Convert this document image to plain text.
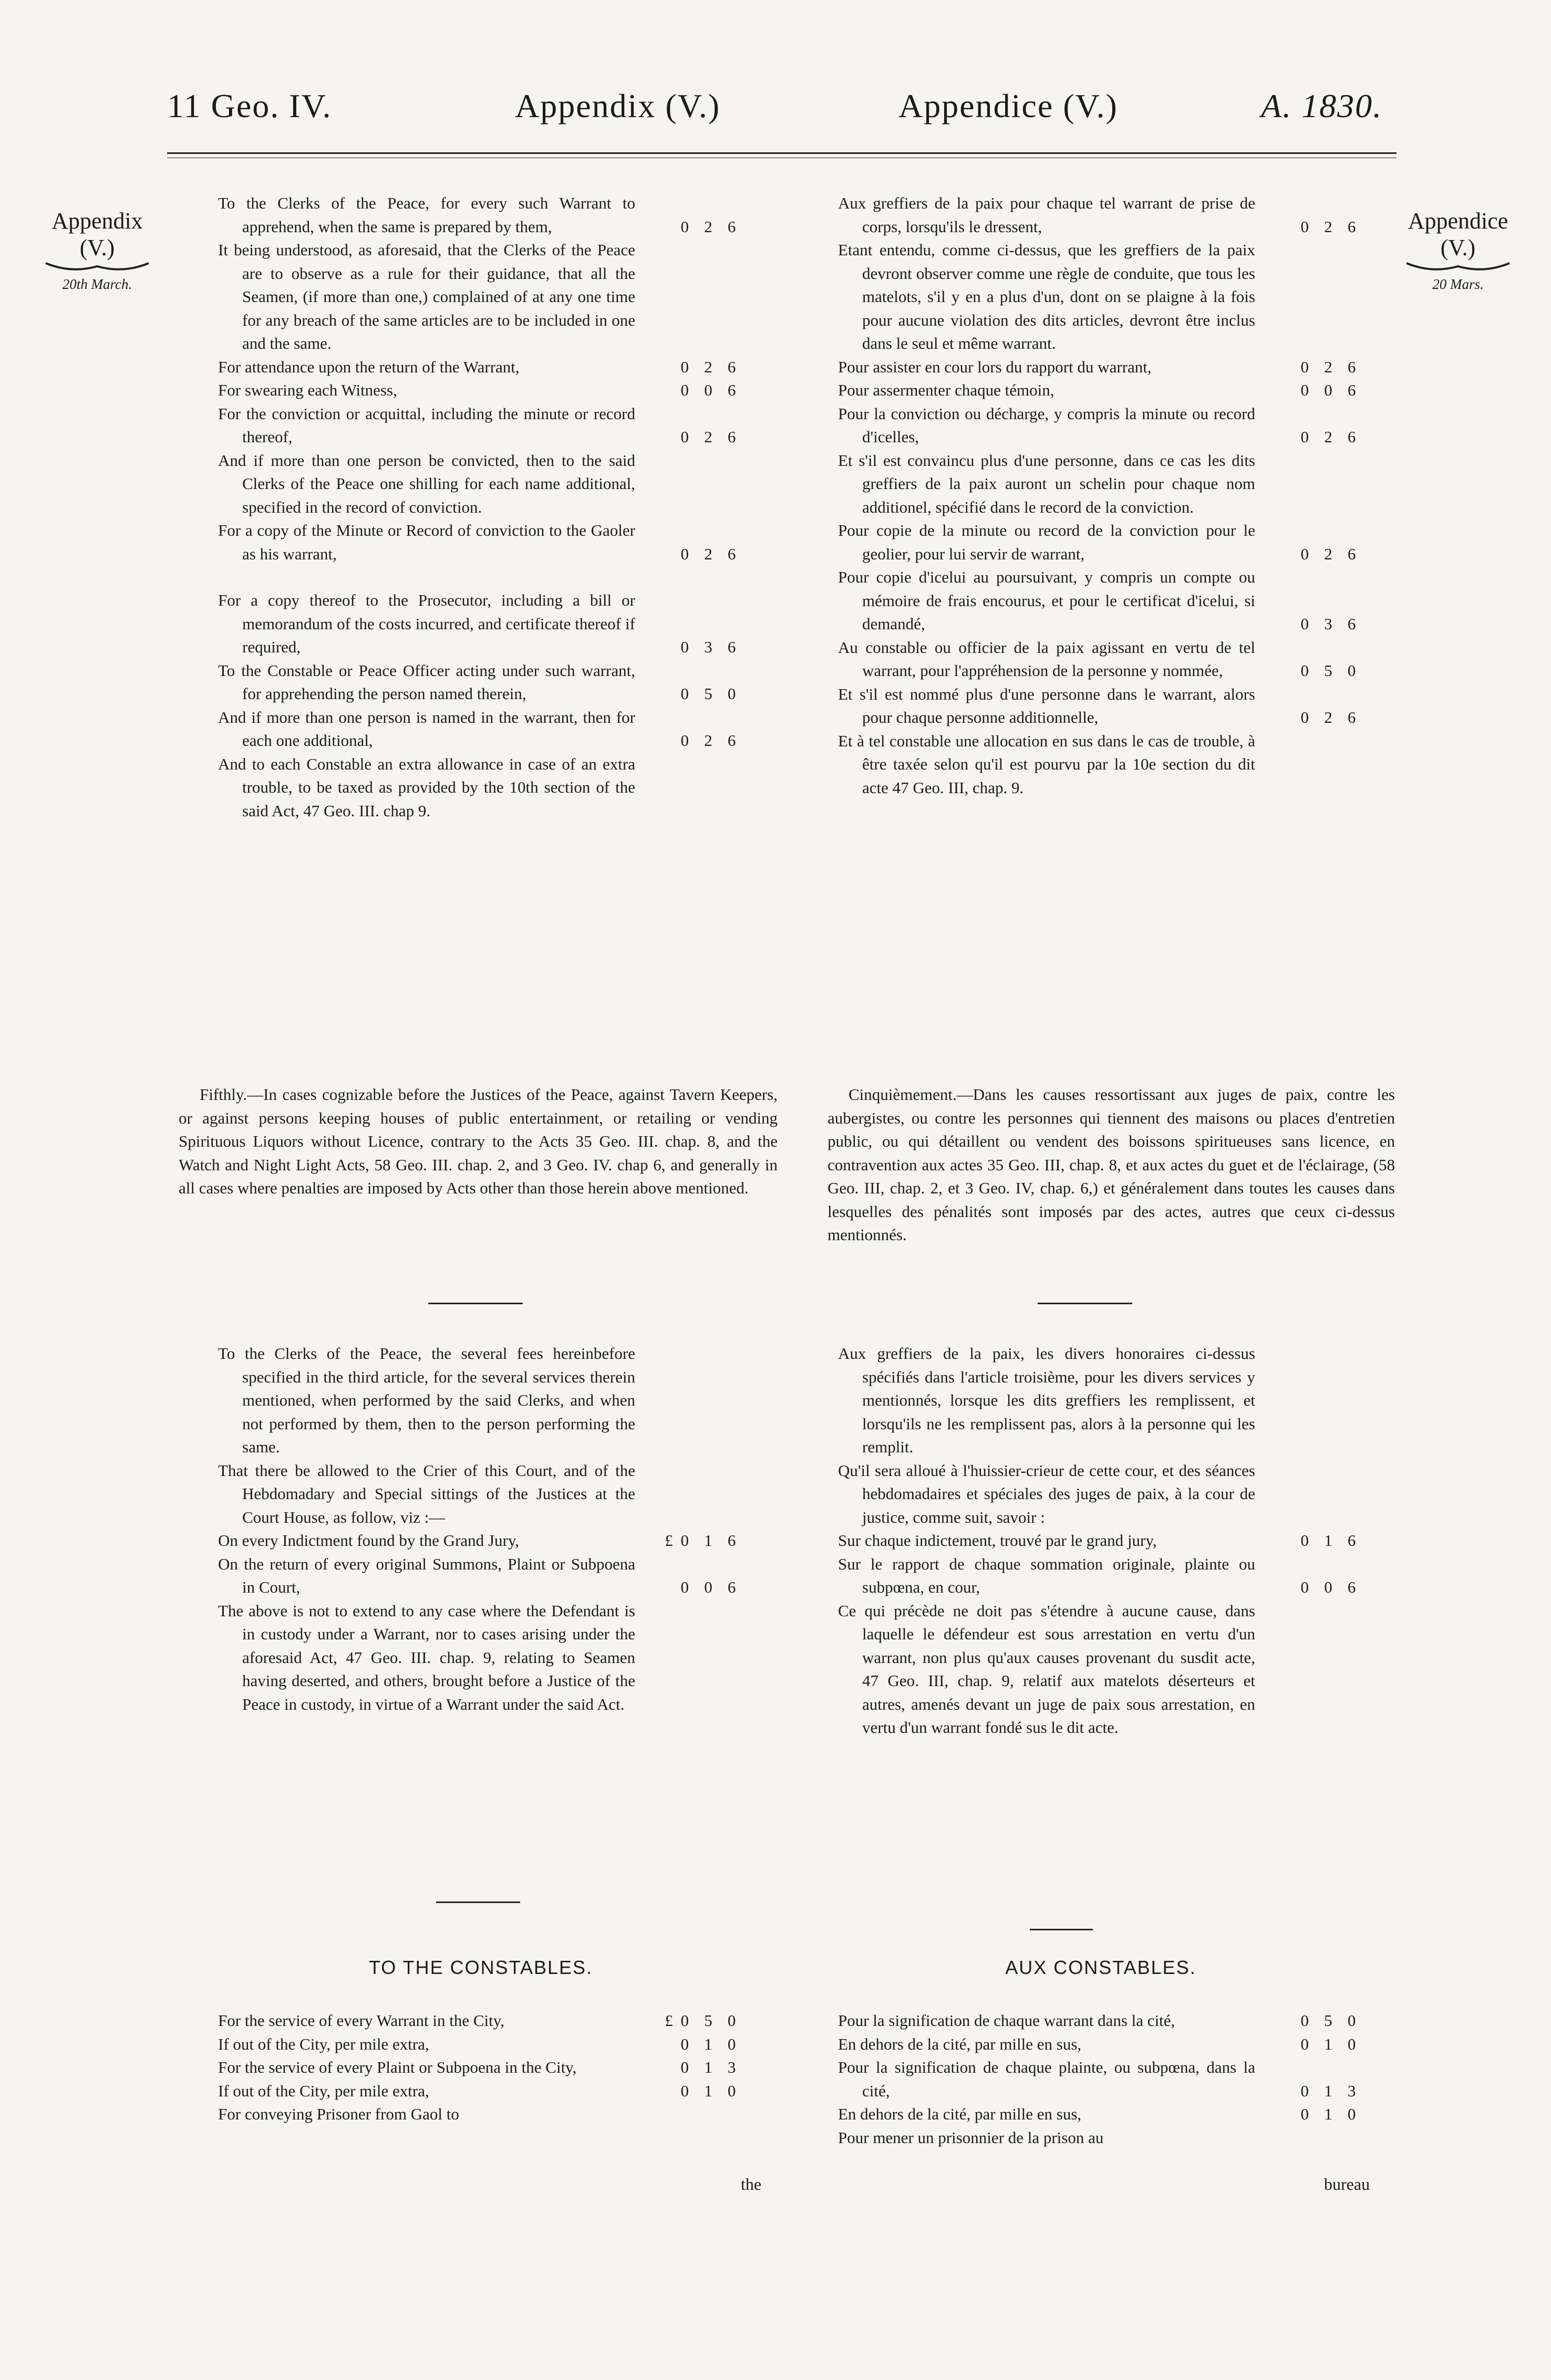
11 Geo. IV.	Appendix (V.)	Appendice (V.)	A. 1830.
Appendix
(V.)
20th March.
Appendice
(V.)
20 Mars.
To the Clerks of the Peace, for every such Warrant to apprehend, when the same is prepared by them,	0 2 6
It being understood, as aforesaid, that the Clerks of the Peace are to observe as a rule for their guidance, that all the Seamen, (if more than one,) complained of at any one time for any breach of the same articles are to be included in one and the same.
For attendance upon the return of the Warrant,	0 2 6
For swearing each Witness,	0 0 6
For the conviction or acquittal, including the minute or record thereof,	0 2 6
And if more than one person be convicted, then to the said Clerks of the Peace one shilling for each name additional, specified in the record of conviction.
For a copy of the Minute or Record of conviction to the Gaoler as his warrant,	0 2 6
For a copy thereof to the Prosecutor, including a bill or memorandum of the costs incurred, and certificate thereof if required,	0 3 6
To the Constable or Peace Officer acting under such warrant, for apprehending the person named therein,	0 5 0
And if more than one person is named in the warrant, then for each one additional,	0 2 6
And to each Constable an extra allowance in case of an extra trouble, to be taxed as provided by the 10th section of the said Act, 47 Geo. III. chap 9.
Aux greffiers de la paix pour chaque tel warrant de prise de corps, lorsqu'ils le dressent,	0 2 6
Etant entendu, comme ci-dessus, que les greffiers de la paix devront observer comme une règle de conduite, que tous les matelots, s'il y en a plus d'un, dont on se plaigne à la fois pour aucune violation des dits articles, devront être inclus dans le seul et même warrant.
Pour assister en cour lors du rapport du warrant,	0 2 6
Pour assermenter chaque témoin,	0 0 6
Pour la conviction ou décharge, y compris la minute ou record d'icelles,	0 2 6
Et s'il est convaincu plus d'une personne, dans ce cas les dits greffiers de la paix auront un schelin pour chaque nom additionel, spécifié dans le record de la conviction.
Pour copie de la minute ou record de la conviction pour le geolier, pour lui servir de warrant,	0 2 6
Pour copie d'icelui au poursuivant, y compris un compte ou mémoire de frais encourus, et pour le certificat d'icelui, si demandé,	0 3 6
Au constable ou officier de la paix agissant en vertu de tel warrant, pour l'appréhension de la personne y nommée,	0 5 0
Et s'il est nommé plus d'une personne dans le warrant, alors pour chaque personne additionnelle,	0 2 6
Et à tel constable une allocation en sus dans le cas de trouble, à être taxée selon qu'il est pourvu par la 10e section du dit acte 47 Geo. III, chap. 9.
Fifthly.—In cases cognizable before the Justices of the Peace, against Tavern Keepers, or against persons keeping houses of public entertainment, or retailing or vending Spirituous Liquors without Licence, contrary to the Acts 35 Geo. III. chap. 8, and the Watch and Night Light Acts, 58 Geo. III. chap. 2, and 3 Geo. IV. chap 6, and generally in all cases where penalties are imposed by Acts other than those herein above mentioned.
Cinquièmement.—Dans les causes ressortissant aux juges de paix, contre les aubergistes, ou contre les personnes qui tiennent des maisons ou places d'entretien public, ou qui détaillent ou vendent des boissons spiritueuses sans licence, en contravention aux actes 35 Geo. III, chap. 8, et aux actes du guet et de l'éclairage, (58 Geo. III, chap. 2, et 3 Geo. IV, chap. 6,) et généralement dans toutes les causes dans lesquelles des pénalités sont imposés par des actes, autres que ceux ci-dessus mentionnés.
To the Clerks of the Peace, the several fees hereinbefore specified in the third article, for the several services therein mentioned, when performed by the said Clerks, and when not performed by them, then to the person performing the same.
That there be allowed to the Crier of this Court, and of the Hebdomadary and Special sittings of the Justices at the Court House, as follow, viz :—
On every Indictment found by the Grand Jury,	£ 0 1 6
On the return of every original Summons, Plaint or Subpoena in Court,	0 0 6
The above is not to extend to any case where the Defendant is in custody under a Warrant, nor to cases arising under the aforesaid Act, 47 Geo. III. chap. 9, relating to Seamen having deserted, and others, brought before a Justice of the Peace in custody, in virtue of a Warrant under the said Act.
Aux greffiers de la paix, les divers honoraires ci-dessus spécifiés dans l'article troisième, pour les divers services y mentionnés, lorsque les dits greffiers les remplissent, et lorsqu'ils ne les remplissent pas, alors à la personne qui les remplit.
Qu'il sera alloué à l'huissier-crieur de cette cour, et des séances hebdomadaires et spéciales des juges de paix, à la cour de justice, comme suit, savoir :
Sur chaque indictement, trouvé par le grand jury,	0 1 6
Sur le rapport de chaque sommation originale, plainte ou subpœna, en cour,	0 0 6
Ce qui précède ne doit pas s'étendre à aucune cause, dans laquelle le défendeur est sous arrestation en vertu d'un warrant, non plus qu'aux causes provenant du susdit acte, 47 Geo. III, chap. 9, relatif aux matelots déserteurs et autres, amenés devant un juge de paix sous arrestation, en vertu d'un warrant fondé sus le dit acte.
TO THE CONSTABLES.	AUX CONSTABLES.
For the service of every Warrant in the City,	£ 0 5 0
If out of the City, per mile extra,	0 1 0
For the service of every Plaint or Subpoena in the City,	0 1 3
If out of the City, per mile extra,	0 1 0
For conveying Prisoner from Gaol to
Pour la signification de chaque warrant dans la cité,	0 5 0
En dehors de la cité, par mille en sus,	0 1 0
Pour la signification de chaque plainte, ou subpœna, dans la cité,	0 1 3
En dehors de la cité, par mille en sus,	0 1 0
Pour mener un prisonnier de la prison au
the	bureau
